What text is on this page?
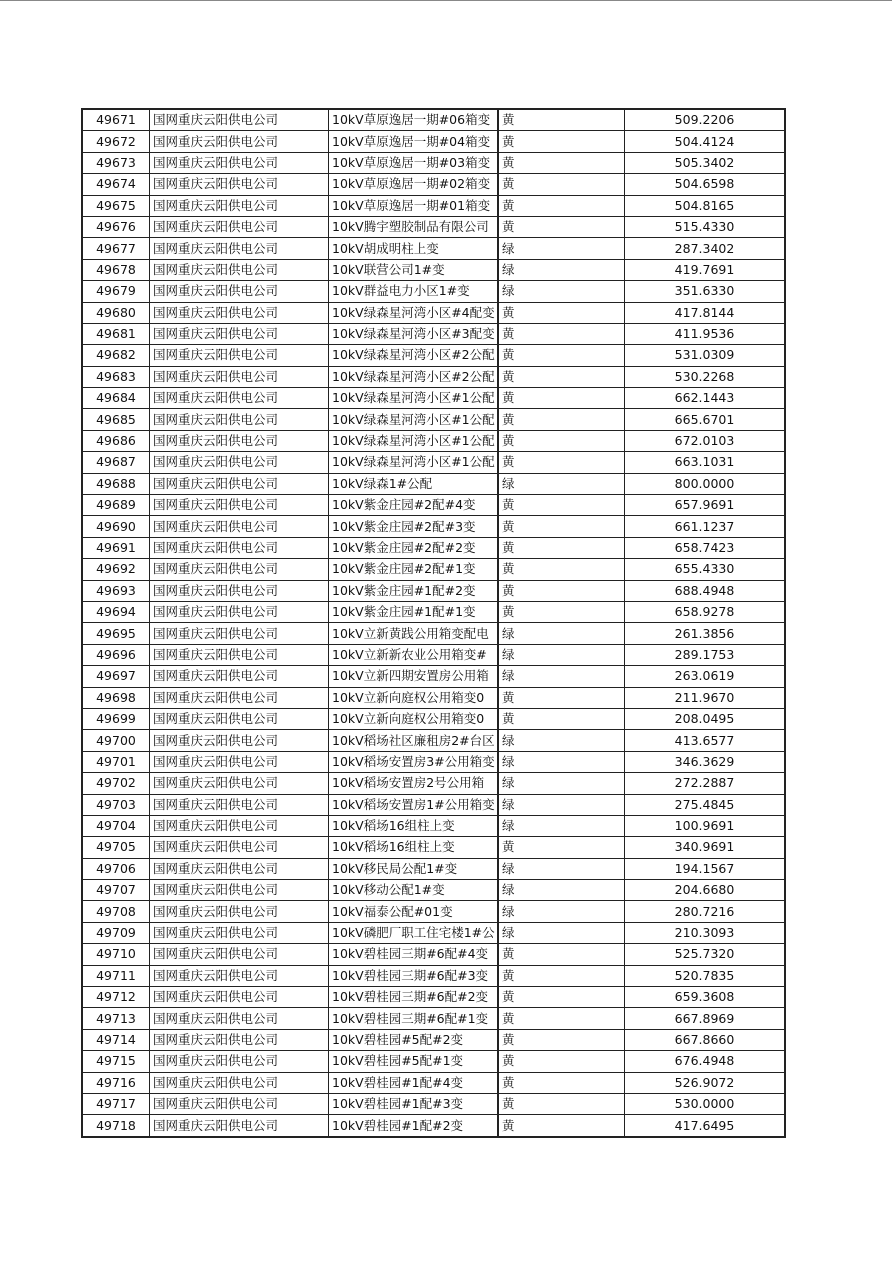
49671	国网重庆云阳供电公司	10kV草原逸居一期#06箱变	黄	509.2206
49672	国网重庆云阳供电公司	10kV草原逸居一期#04箱变	黄	504.4124
49673	国网重庆云阳供电公司	10kV草原逸居一期#03箱变	黄	505.3402
49674	国网重庆云阳供电公司	10kV草原逸居一期#02箱变	黄	504.6598
49675	国网重庆云阳供电公司	10kV草原逸居一期#01箱变	黄	504.8165
49676	国网重庆云阳供电公司	10kV腾宇塑胶制品有限公司	黄	515.4330
49677	国网重庆云阳供电公司	10kV胡成明柱上变	绿	287.3402
49678	国网重庆云阳供电公司	10kV联营公司1#变	绿	419.7691
49679	国网重庆云阳供电公司	10kV群益电力小区1#变	绿	351.6330
49680	国网重庆云阳供电公司	10kV绿森星河湾小区#4配变	黄	417.8144
49681	国网重庆云阳供电公司	10kV绿森星河湾小区#3配变	黄	411.9536
49682	国网重庆云阳供电公司	10kV绿森星河湾小区#2公配	黄	531.0309
49683	国网重庆云阳供电公司	10kV绿森星河湾小区#2公配	黄	530.2268
49684	国网重庆云阳供电公司	10kV绿森星河湾小区#1公配	黄	662.1443
49685	国网重庆云阳供电公司	10kV绿森星河湾小区#1公配	黄	665.6701
49686	国网重庆云阳供电公司	10kV绿森星河湾小区#1公配	黄	672.0103
49687	国网重庆云阳供电公司	10kV绿森星河湾小区#1公配	黄	663.1031
49688	国网重庆云阳供电公司	10kV绿森1#公配	绿	800.0000
49689	国网重庆云阳供电公司	10kV紫金庄园#2配#4变	黄	657.9691
49690	国网重庆云阳供电公司	10kV紫金庄园#2配#3变	黄	661.1237
49691	国网重庆云阳供电公司	10kV紫金庄园#2配#2变	黄	658.7423
49692	国网重庆云阳供电公司	10kV紫金庄园#2配#1变	黄	655.4330
49693	国网重庆云阳供电公司	10kV紫金庄园#1配#2变	黄	688.4948
49694	国网重庆云阳供电公司	10kV紫金庄园#1配#1变	黄	658.9278
49695	国网重庆云阳供电公司	10kV立新黄践公用箱变配电	绿	261.3856
49696	国网重庆云阳供电公司	10kV立新新农业公用箱变#	绿	289.1753
49697	国网重庆云阳供电公司	10kV立新四期安置房公用箱	绿	263.0619
49698	国网重庆云阳供电公司	10kV立新向庭权公用箱变0	黄	211.9670
49699	国网重庆云阳供电公司	10kV立新向庭权公用箱变0	黄	208.0495
49700	国网重庆云阳供电公司	10kV稻场社区廉租房2#台区	绿	413.6577
49701	国网重庆云阳供电公司	10kV稻场安置房3#公用箱变	绿	346.3629
49702	国网重庆云阳供电公司	10kV稻场安置房2号公用箱	绿	272.2887
49703	国网重庆云阳供电公司	10kV稻场安置房1#公用箱变	绿	275.4845
49704	国网重庆云阳供电公司	10kV稻场16组柱上变	绿	100.9691
49705	国网重庆云阳供电公司	10kV稻场16组柱上变	黄	340.9691
49706	国网重庆云阳供电公司	10kV移民局公配1#变	绿	194.1567
49707	国网重庆云阳供电公司	10kV移动公配1#变	绿	204.6680
49708	国网重庆云阳供电公司	10kV福泰公配#01变	绿	280.7216
49709	国网重庆云阳供电公司	10kV磷肥厂职工住宅楼1#公	绿	210.3093
49710	国网重庆云阳供电公司	10kV碧桂园三期#6配#4变	黄	525.7320
49711	国网重庆云阳供电公司	10kV碧桂园三期#6配#3变	黄	520.7835
49712	国网重庆云阳供电公司	10kV碧桂园三期#6配#2变	黄	659.3608
49713	国网重庆云阳供电公司	10kV碧桂园三期#6配#1变	黄	667.8969
49714	国网重庆云阳供电公司	10kV碧桂园#5配#2变	黄	667.8660
49715	国网重庆云阳供电公司	10kV碧桂园#5配#1变	黄	676.4948
49716	国网重庆云阳供电公司	10kV碧桂园#1配#4变	黄	526.9072
49717	国网重庆云阳供电公司	10kV碧桂园#1配#3变	黄	530.0000
49718	国网重庆云阳供电公司	10kV碧桂园#1配#2变	黄	417.6495
